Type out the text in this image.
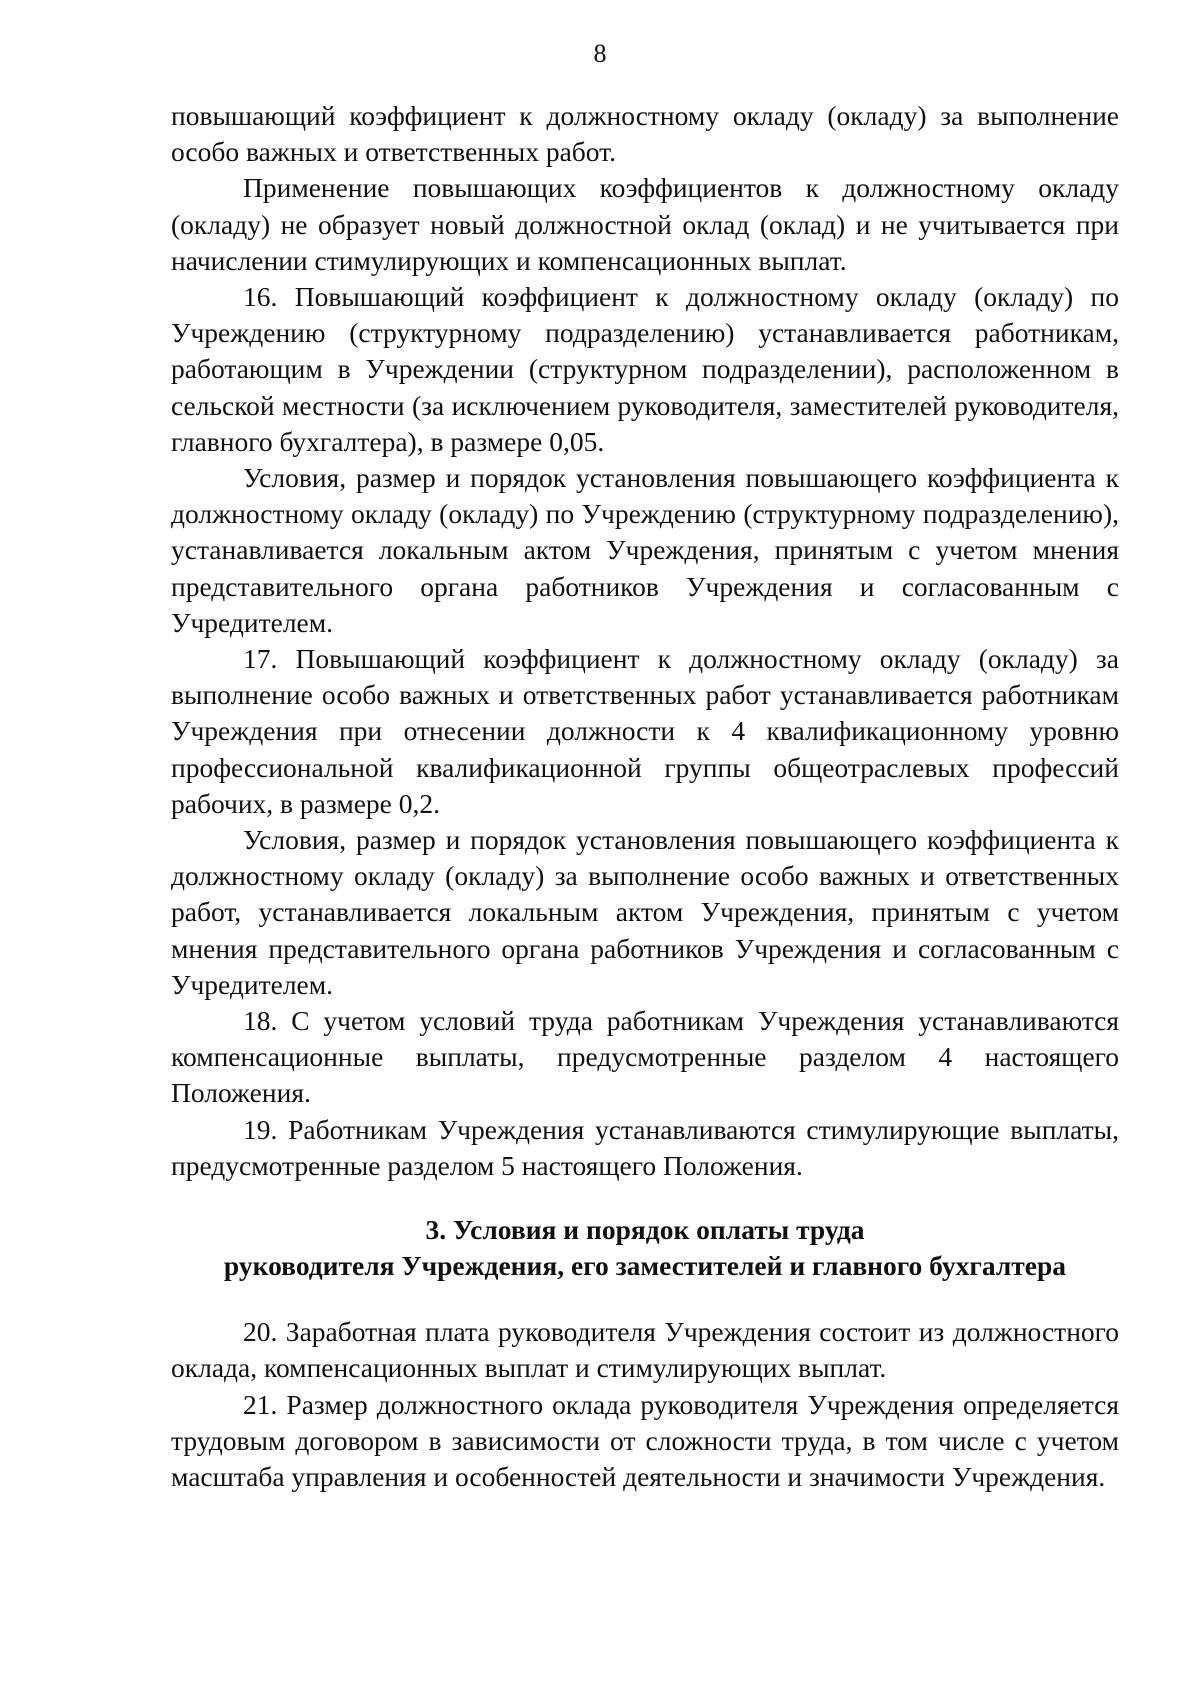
8

повышающий коэффициент к должностному окладу (окладу) за выполнение особо важных и ответственных работ.

Применение повышающих коэффициентов к должностному окладу (окладу) не образует новый должностной оклад (оклад) и не учитывается при начислении стимулирующих и компенсационных выплат.

16. Повышающий коэффициент к должностному окладу (окладу) по Учреждению (структурному подразделению) устанавливается работникам, работающим в Учреждении (структурном подразделении), расположенном в сельской местности (за исключением руководителя, заместителей руководителя, главного бухгалтера), в размере 0,05.

Условия, размер и порядок установления повышающего коэффициента к должностному окладу (окладу) по Учреждению (структурному подразделению), устанавливается локальным актом Учреждения, принятым с учетом мнения представительного органа работников Учреждения и согласованным с Учредителем.

17. Повышающий коэффициент к должностному окладу (окладу) за выполнение особо важных и ответственных работ устанавливается работникам Учреждения при отнесении должности к 4 квалификационному уровню профессиональной квалификационной группы общеотраслевых профессий рабочих, в размере 0,2.

Условия, размер и порядок установления повышающего коэффициента к должностному окладу (окладу) за выполнение особо важных и ответственных работ, устанавливается локальным актом Учреждения, принятым с учетом мнения представительного органа работников Учреждения и согласованным с Учредителем.

18. С учетом условий труда работникам Учреждения устанавливаются компенсационные выплаты, предусмотренные разделом 4 настоящего Положения.

19. Работникам Учреждения устанавливаются стимулирующие выплаты, предусмотренные разделом 5 настоящего Положения.

3. Условия и порядок оплаты труда
руководителя Учреждения, его заместителей и главного бухгалтера

20. Заработная плата руководителя Учреждения состоит из должностного оклада, компенсационных выплат и стимулирующих выплат.

21. Размер должностного оклада руководителя Учреждения определяется трудовым договором в зависимости от сложности труда, в том числе с учетом масштаба управления и особенностей деятельности и значимости Учреждения.
